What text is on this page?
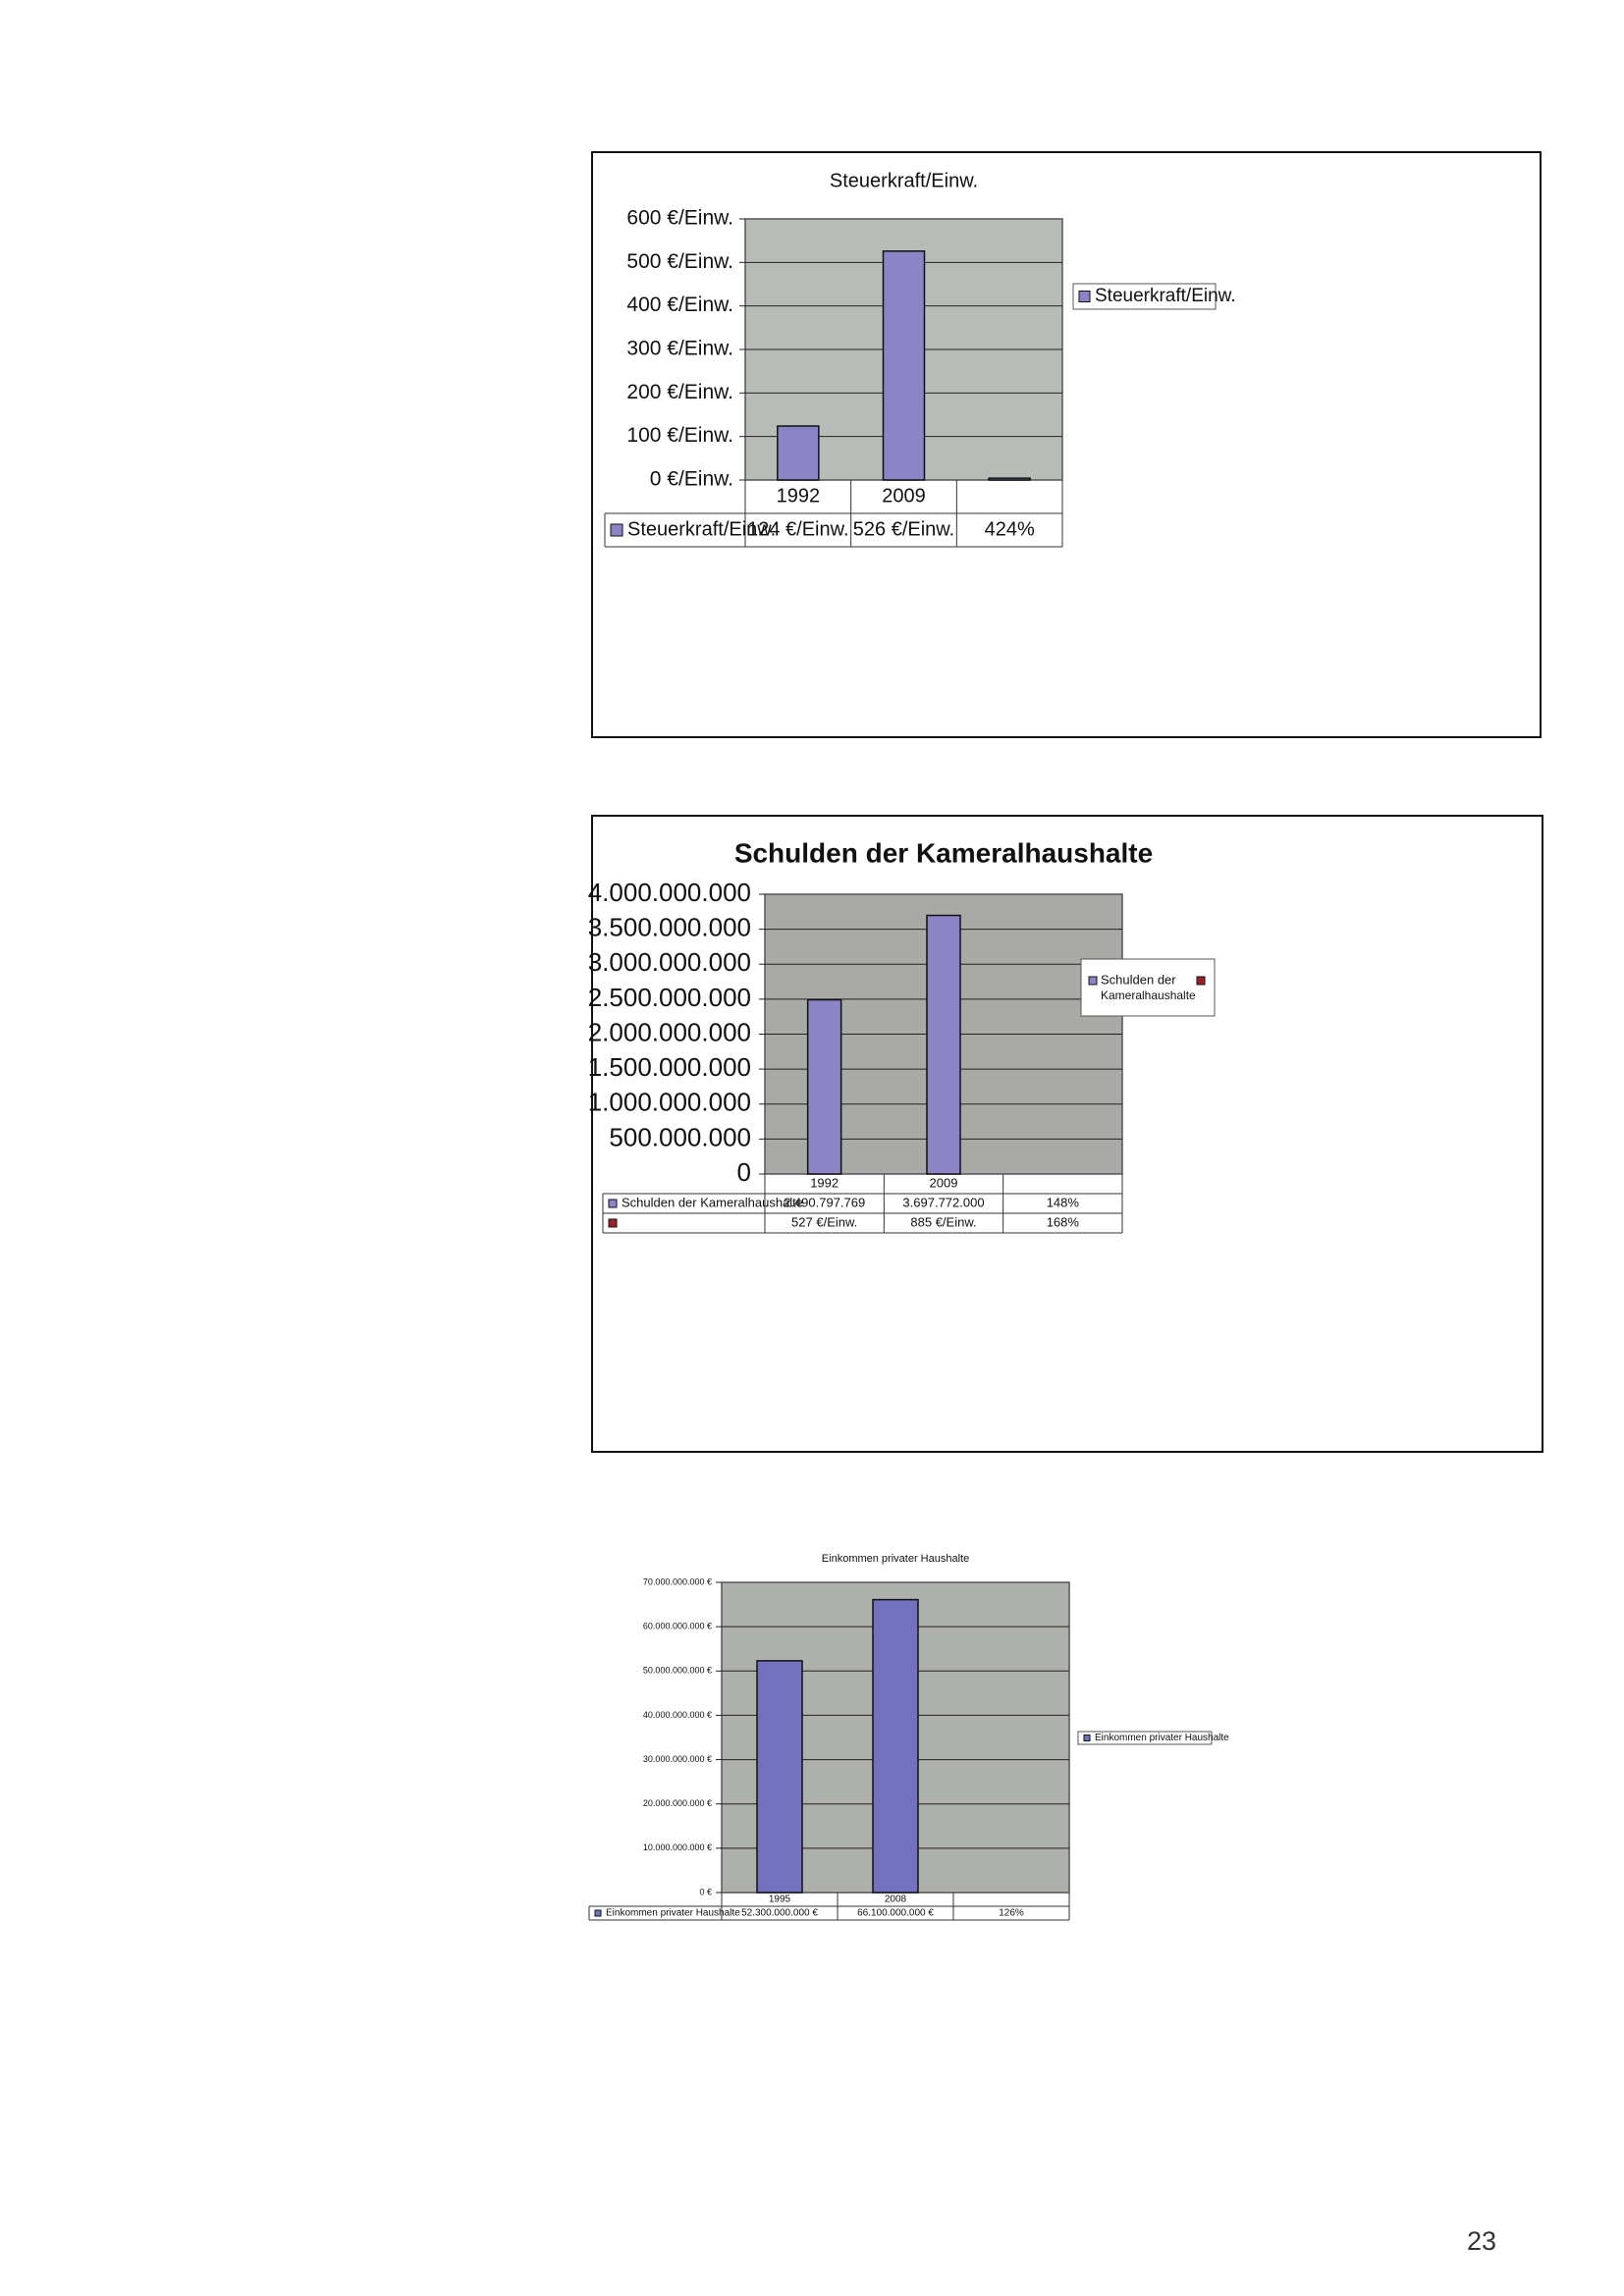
Steuerkraft/Einw.
0 €/Einw.
100 €/Einw.
200 €/Einw.
300 €/Einw.
400 €/Einw.
500 €/Einw.
600 €/Einw.
1992	2009
Steuerkraft/Einw.
124 €/Einw. 526 €/Einw. 424%
Steuerkraft/Einw.
Schulden der Kameralhaushalte
0
500.000.000
1.000.000.000
1.500.000.000
2.000.000.000
2.500.000.000
3.000.000.000
3.500.000.000
4.000.000.000
1992	2009
Schulden der Kameralhaushalte
2.490.797.769	3.697.772.000	148%
527 €/Einw.	885 €/Einw.	168%
Schulden der
Kameralhaushalte
Einkommen privater Haushalte
0 €
10.000.000.000 €
20.000.000.000 €
30.000.000.000 €
40.000.000.000 €
50.000.000.000 €
60.000.000.000 €
70.000.000.000 €
1995	2008
Einkommen privater Haushalte 52.300.000.000 €	66.100.000.000 €	126%
Einkommen privater Haushalte
23
